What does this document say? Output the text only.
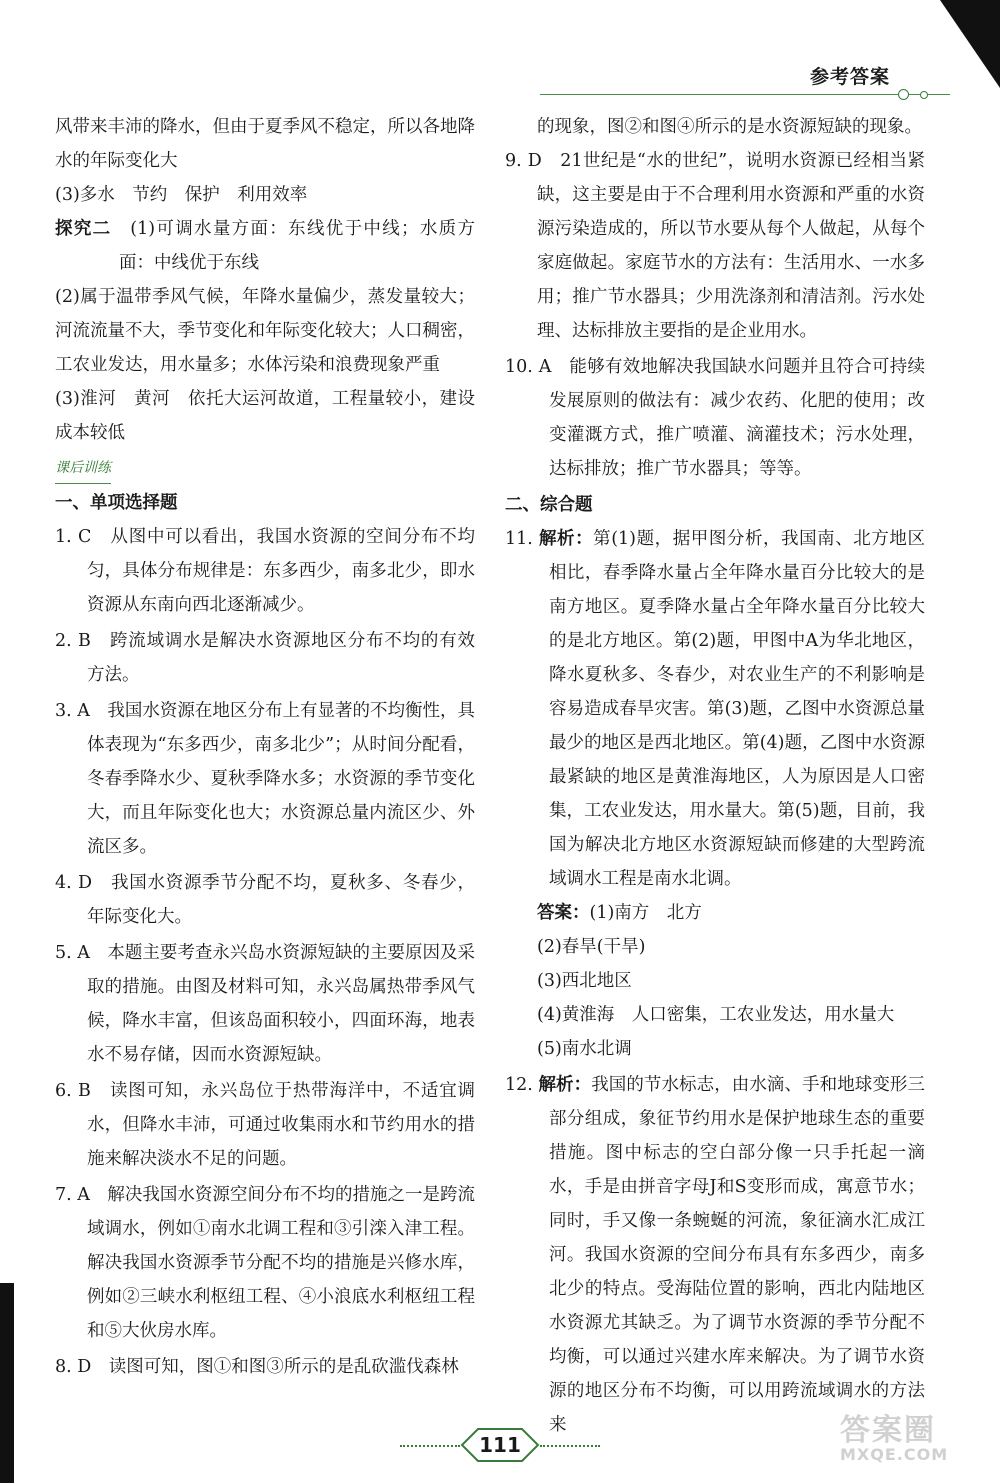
参考答案

风带来丰沛的降水，但由于夏季风不稳定，所以各地降水的年际变化大

(3)多水　节约　保护　利用效率

探究二　(1)可调水量方面：东线优于中线；水质方面：中线优于东线

(2)属于温带季风气候，年降水量偏少，蒸发量较大；河流流量不大，季节变化和年际变化较大；人口稠密，工农业发达，用水量多；水体污染和浪费现象严重

(3)淮河　黄河　依托大运河故道，工程量较小，建设成本较低

课后训练

一、单项选择题

1. C　从图中可以看出，我国水资源的空间分布不均匀，具体分布规律是：东多西少，南多北少，即水资源从东南向西北逐渐减少。

2. B　跨流域调水是解决水资源地区分布不均的有效方法。

3. A　我国水资源在地区分布上有显著的不均衡性，具体表现为“东多西少，南多北少”；从时间分配看，冬春季降水少、夏秋季降水多；水资源的季节变化大，而且年际变化也大；水资源总量内流区少、外流区多。

4. D　我国水资源季节分配不均，夏秋多、冬春少，年际变化大。

5. A　本题主要考查永兴岛水资源短缺的主要原因及采取的措施。由图及材料可知，永兴岛属热带季风气候，降水丰富，但该岛面积较小，四面环海，地表水不易存储，因而水资源短缺。

6. B　读图可知，永兴岛位于热带海洋中，不适宜调水，但降水丰沛，可通过收集雨水和节约用水的措施来解决淡水不足的问题。

7. A　解决我国水资源空间分布不均的措施之一是跨流域调水，例如①南水北调工程和③引滦入津工程。解决我国水资源季节分配不均的措施是兴修水库，例如②三峡水利枢纽工程、④小浪底水利枢纽工程和⑤大伙房水库。

8. D　读图可知，图①和图③所示的是乱砍滥伐森林

的现象，图②和图④所示的是水资源短缺的现象。

9. D　21世纪是“水的世纪”，说明水资源已经相当紧缺，这主要是由于不合理利用水资源和严重的水资源污染造成的，所以节水要从每个人做起，从每个家庭做起。家庭节水的方法有：生活用水、一水多用；推广节水器具；少用洗涤剂和清洁剂。污水处理、达标排放主要指的是企业用水。

10. A　能够有效地解决我国缺水问题并且符合可持续发展原则的做法有：减少农药、化肥的使用；改变灌溉方式，推广喷灌、滴灌技术；污水处理，达标排放；推广节水器具；等等。

二、综合题

11. 解析：第(1)题，据甲图分析，我国南、北方地区相比，春季降水量占全年降水量百分比较大的是南方地区。夏季降水量占全年降水量百分比较大的是北方地区。第(2)题，甲图中A为华北地区，降水夏秋多、冬春少，对农业生产的不利影响是容易造成春旱灾害。第(3)题，乙图中水资源总量最少的地区是西北地区。第(4)题，乙图中水资源最紧缺的地区是黄淮海地区，人为原因是人口密集，工农业发达，用水量大。第(5)题，目前，我国为解决北方地区水资源短缺而修建的大型跨流域调水工程是南水北调。

答案：(1)南方　北方

(2)春旱(干旱)

(3)西北地区

(4)黄淮海　人口密集，工农业发达，用水量大

(5)南水北调

12. 解析：我国的节水标志，由水滴、手和地球变形三部分组成，象征节约用水是保护地球生态的重要措施。图中标志的空白部分像一只手托起一滴水，手是由拼音字母J和S变形而成，寓意节水；同时，手又像一条蜿蜒的河流，象征滴水汇成江河。我国水资源的空间分布具有东多西少，南多北少的特点。受海陆位置的影响，西北内陆地区水资源尤其缺乏。为了调节水资源的季节分配不均衡，可以通过兴建水库来解决。为了调节水资源的地区分布不均衡，可以用跨流域调水的方法来

111	答案圈
MXQE.COM
